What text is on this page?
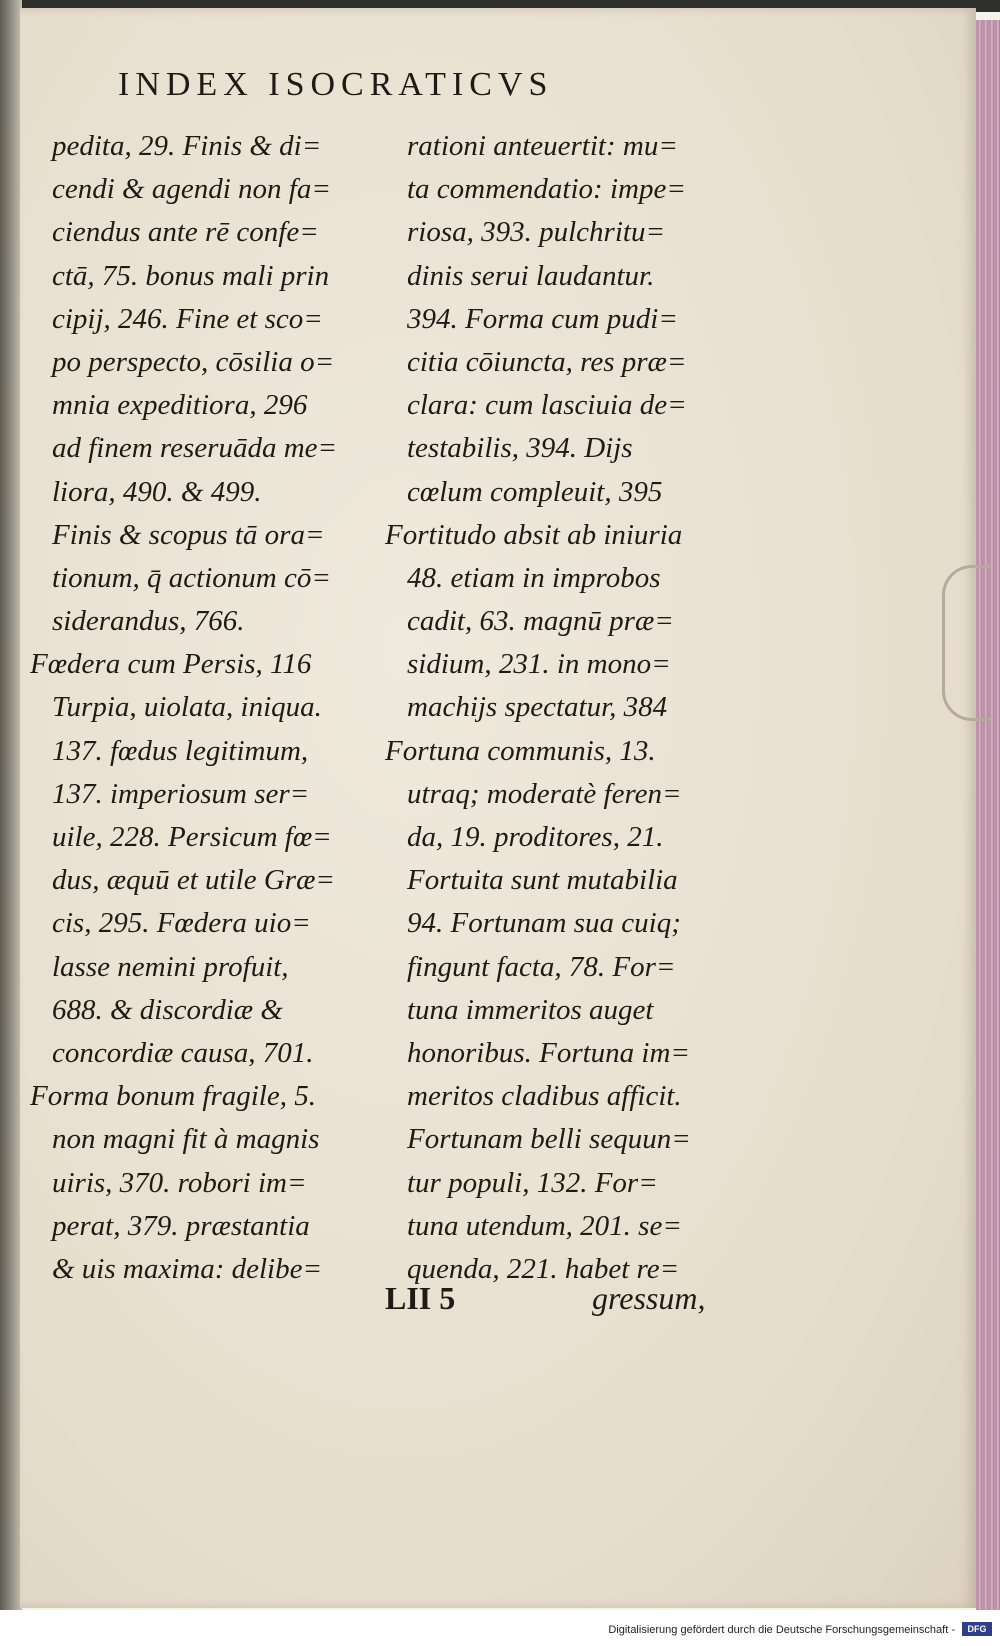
INDEX ISOCRATICVS
pedita, 29. Finis & di=
cendi & agendi non fa=
ciendus ante rē confe=
ctā, 75. bonus mali prin
cipij, 246. Fine et sco=
po perspecto, cōsilia o=
mnia expeditiora, 296
ad finem reseruāda me=
liora, 490. & 499.
Finis & scopus tā ora=
tionum, q̄ actionum cō=
siderandus, 766.
Fœdera cum Persis, 116
Turpia, uiolata, iniqua.
137. fœdus legitimum,
137. imperiosum ser=
uile, 228. Persicum fœ=
dus, æquū et utile Græ=
cis, 295. Fœdera uio=
lasse nemini profuit,
688. & discordiæ &
concordiæ causa, 701.
Forma bonum fragile, 5.
non magni fit à magnis
uiris, 370. robori im=
perat, 379. præstantia
& uis maxima: delibe=
rationi anteuertit: mu=
ta commendatio: impe=
riosa, 393. pulchritu=
dinis serui laudantur.
394. Forma cum pudi=
citia cōiuncta, res præ=
clara: cum lasciuia de=
testabilis, 394. Dijs
cœlum compleuit, 395
Fortitudo absit ab iniuria
48. etiam in improbos
cadit, 63. magnū præ=
sidium, 231. in mono=
machijs spectatur, 384
Fortuna communis, 13.
utraq; moderatè feren=
da, 19. proditores, 21.
Fortuita sunt mutabilia
94. Fortunam sua cuiq;
fingunt facta, 78. For=
tuna immeritos auget
honoribus. Fortuna im=
meritos cladibus afficit.
Fortunam belli sequun=
tur populi, 132. For=
tuna utendum, 201. se=
quenda, 221. habet re=
LII 5	gressum,
Digitalisierung gefördert durch die Deutsche Forschungsgemeinschaft -	DFG
